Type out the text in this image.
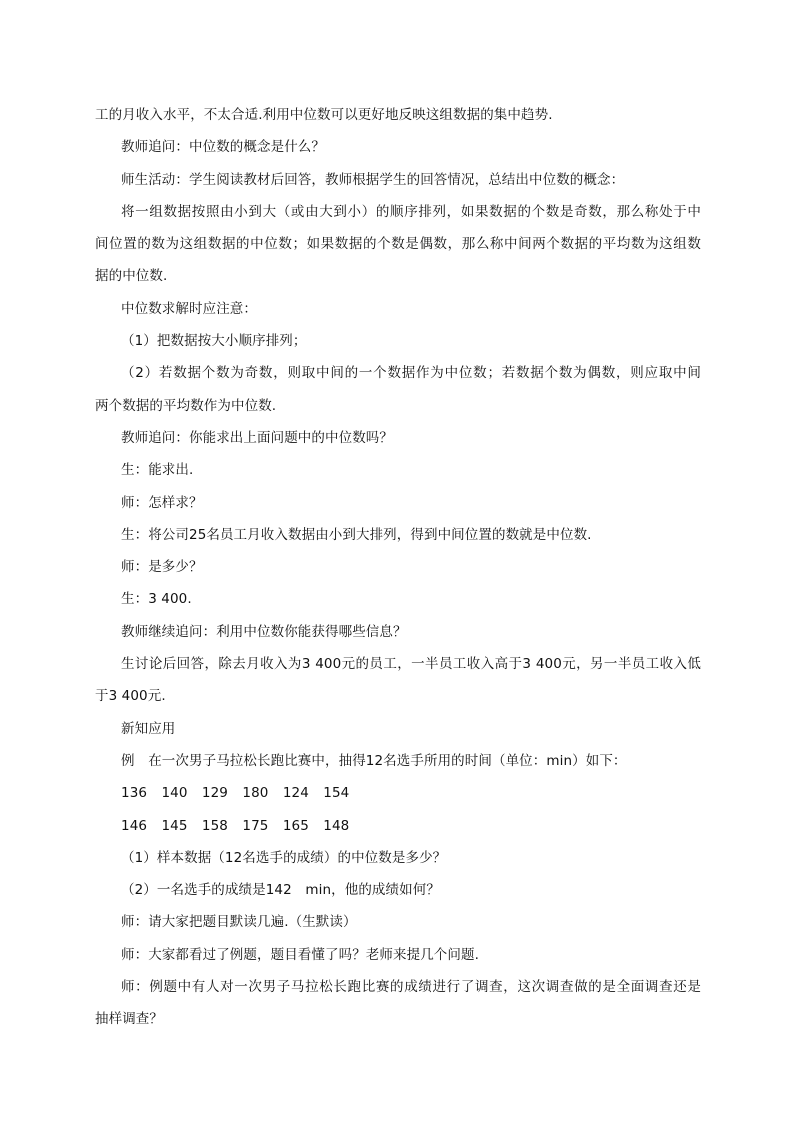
工的月收入水平，不太合适.利用中位数可以更好地反映这组数据的集中趋势.
教师追问：中位数的概念是什么？
师生活动：学生阅读教材后回答，教师根据学生的回答情况，总结出中位数的概念：
将一组数据按照由小到大（或由大到小）的顺序排列，如果数据的个数是奇数，那么称处于中
间位置的数为这组数据的中位数；如果数据的个数是偶数，那么称中间两个数据的平均数为这组数
据的中位数.
中位数求解时应注意：
（1）把数据按大小顺序排列；
（2）若数据个数为奇数，则取中间的一个数据作为中位数；若数据个数为偶数，则应取中间
两个数据的平均数作为中位数.
教师追问：你能求出上面问题中的中位数吗？
生：能求出.
师：怎样求？
生：将公司25名员工月收入数据由小到大排列，得到中间位置的数就是中位数.
师：是多少？
生：3 400.
教师继续追问：利用中位数你能获得哪些信息？
生讨论后回答，除去月收入为3 400元的员工，一半员工收入高于3 400元，另一半员工收入低
于3 400元.
新知应用
例　在一次男子马拉松长跑比赛中，抽得12名选手所用的时间（单位：min）如下：
136 140 129 180 124 154
146 145 158 175 165 148
（1）样本数据（12名选手的成绩）的中位数是多少？
（2）一名选手的成绩是142　min，他的成绩如何？
师：请大家把题目默读几遍.（生默读）
师：大家都看过了例题，题目看懂了吗？老师来提几个问题.
师：例题中有人对一次男子马拉松长跑比赛的成绩进行了调查，这次调查做的是全面调查还是
抽样调查？
